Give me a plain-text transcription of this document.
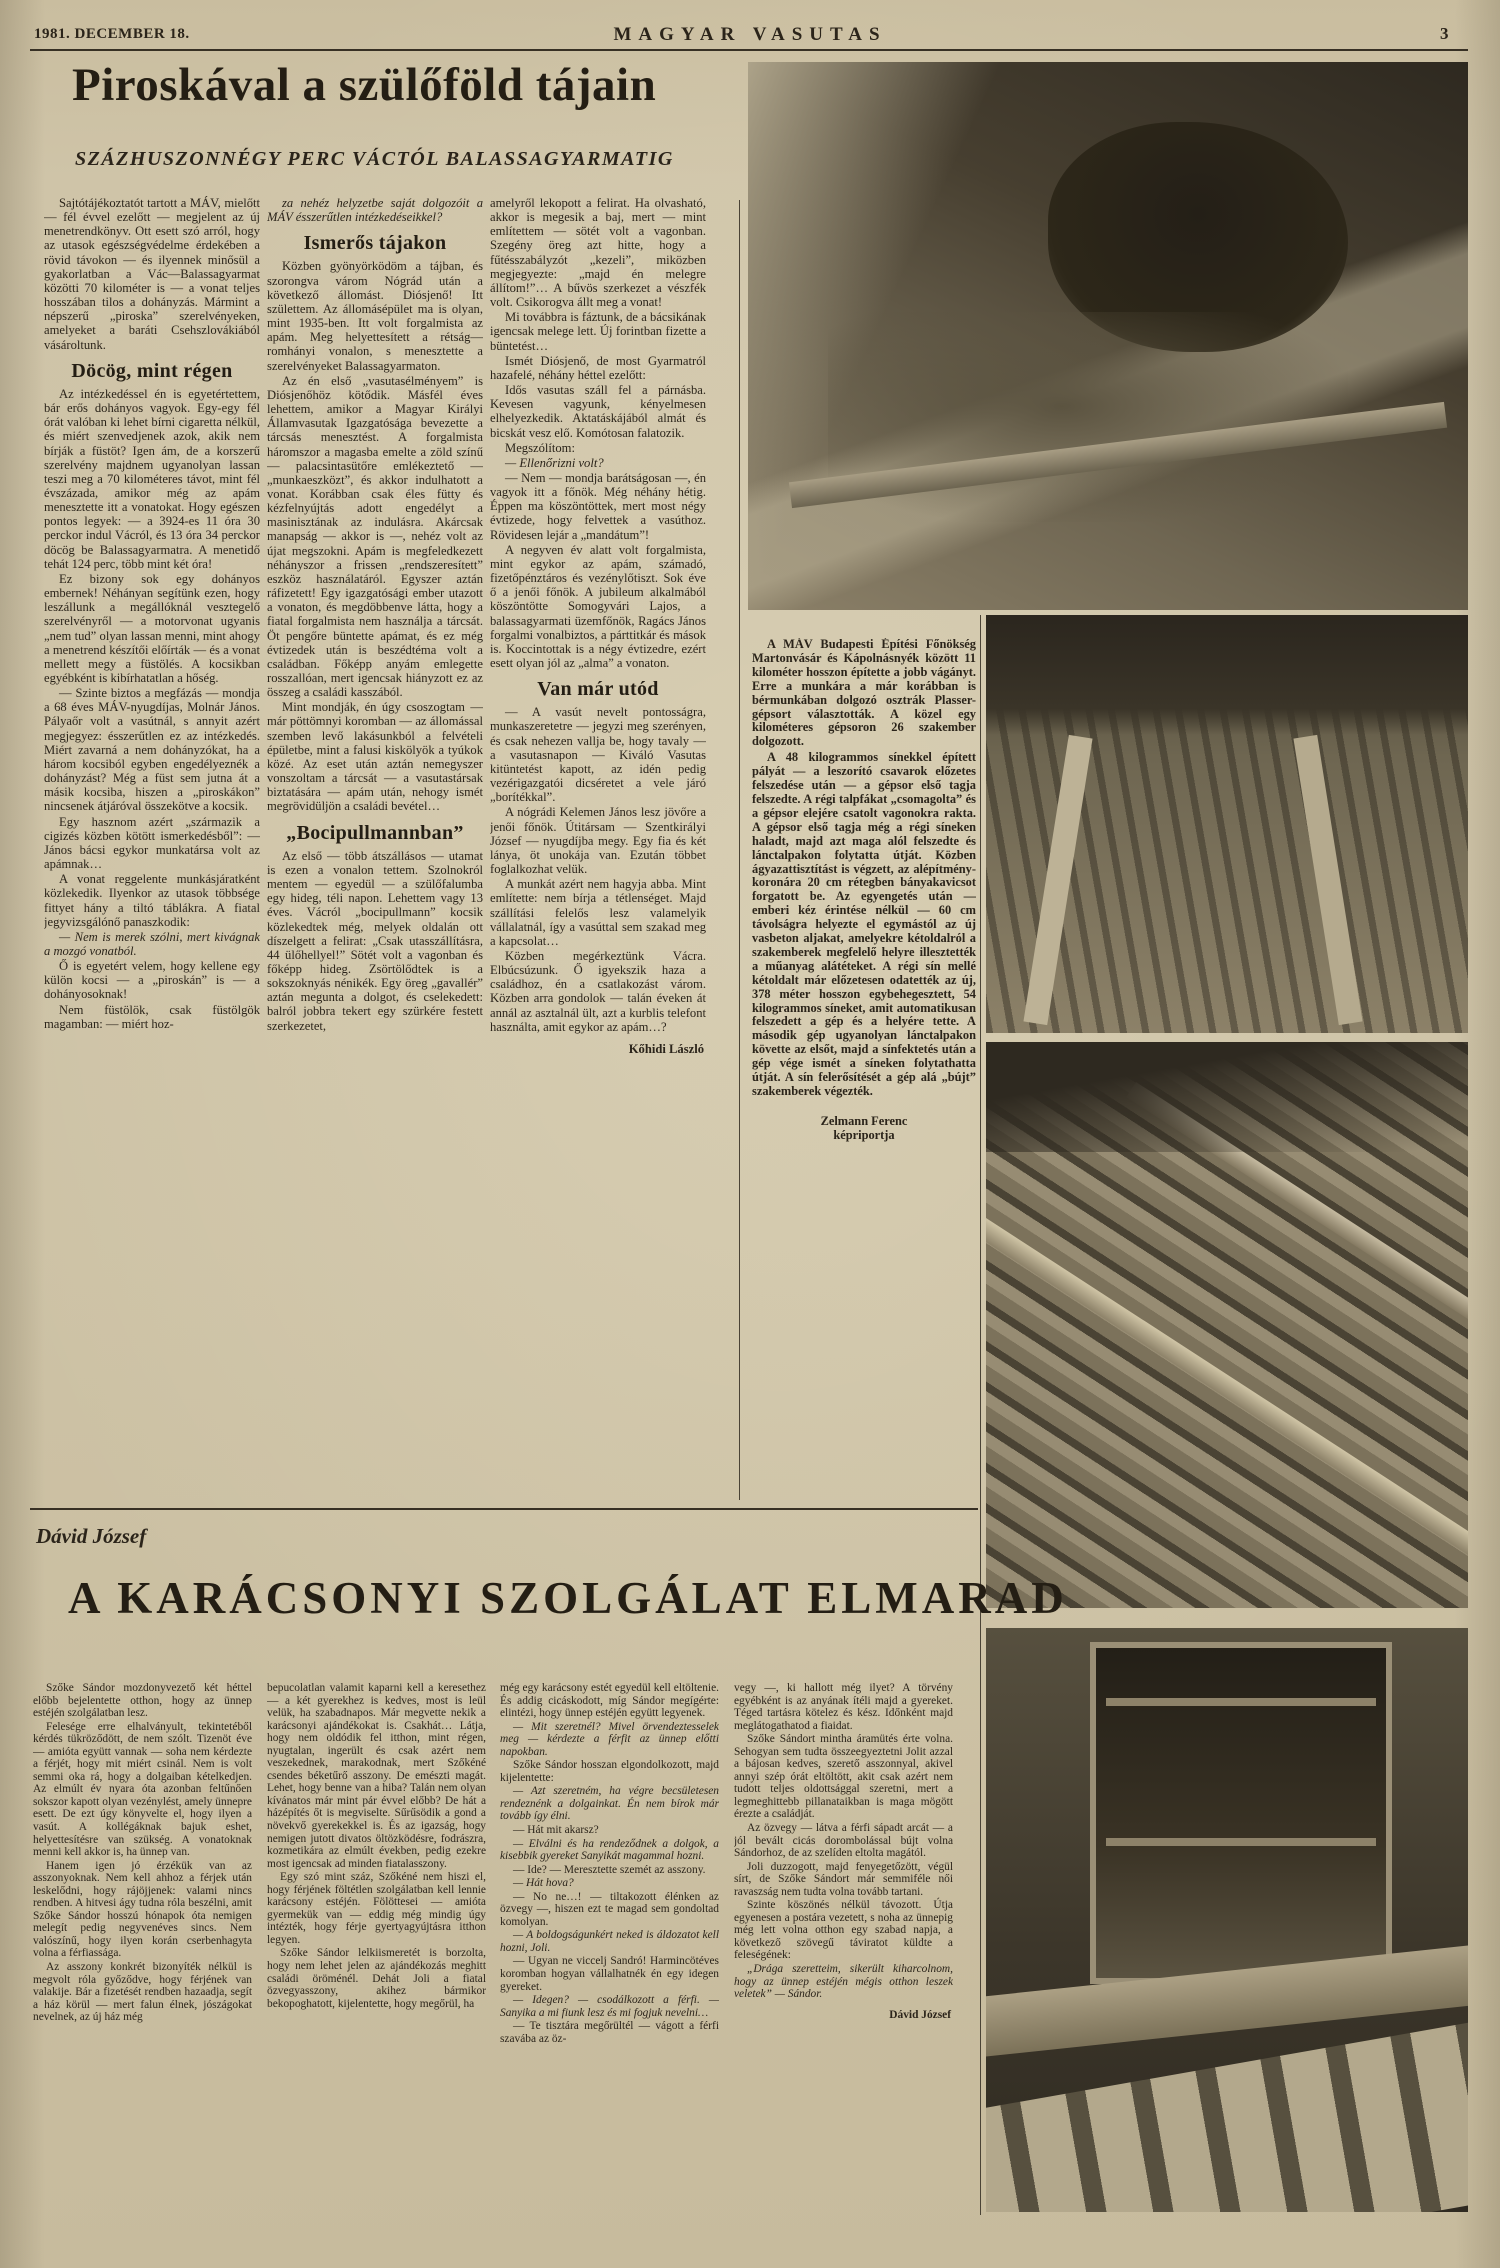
1981. DECEMBER 18.	MAGYAR VASUTAS	3
Piroskával a szülőföld tájain
SZÁZHUSZONNÉGY PERC VÁCTÓL BALASSAGYARMATIG

Sajtótájékoztatót tartott a MÁV, mielőtt — fél évvel ezelőtt — megjelent az új menetrendkönyv. Ott esett szó arról, hogy az utasok egészségvédelme érdekében a rövid távokon — és ilyennek minősül a gyakorlatban a Vác—Balassagyarmat közötti 70 kilométer is — a vonat teljes hosszában tilos a dohányzás. Mármint a népszerű „piroska” szerelvényeken, amelyeket a baráti Csehszlovákiából vásároltunk.

Döcög, mint régen

Az intézkedéssel én is egyetértettem, bár erős dohányos vagyok. Egy-egy fél órát valóban ki lehet bírni cigaretta nélkül, és miért szenvedjenek azok, akik nem bírják a füstöt? Igen ám, de a korszerű szerelvény majdnem ugyanolyan lassan teszi meg a 70 kilométeres távot, mint fél évszázada, amikor még az apám menesztette itt a vonatokat. Hogy egészen pontos legyek: — a 3924-es 11 óra 30 perckor indul Vácról, és 13 óra 34 perckor döcög be Balassagyarmatra. A menetidő tehát 124 perc, több mint két óra!

Ez bizony sok egy dohányos embernek! Néhányan segítünk ezen, hogy leszállunk a megállóknál vesztegelő szerelvényről — a motorvonat ugyanis „nem tud” olyan lassan menni, mint ahogy a menetrend készítői előírták — és a vonat mellett megy a füstölés. A kocsikban egyébként is kibírhatatlan a hőség.

— Szinte biztos a megfázás — mondja a 68 éves MÁV-nyugdíjas, Molnár János. Pályaőr volt a vasútnál, s annyit azért megjegyez: ésszerűtlen ez az intézkedés. Miért zavarná a nem dohányzókat, ha a három kocsiból egyben engedélyeznék a dohányzást? Még a füst sem jutna át a másik kocsiba, hiszen a „piroskákon” nincsenek átjáróval összekötve a kocsik.

Egy hasznom azért „származik a cigizés közben kötött ismerkedésből”: — János bácsi egykor munkatársa volt az apámnak…

A vonat reggelente munkásjáratként közlekedik. Ilyenkor az utasok többsége fittyet hány a tiltó táblákra. A fiatal jegyvizsgálónő panaszkodik:

— Nem is merek szólni, mert kivágnak a mozgó vonatból.

Ő is egyetért velem, hogy kellene egy külön kocsi — a „piroskán” is — a dohányosoknak!

Nem füstölök, csak füstölgök magamban: — miért hoz-

za nehéz helyzetbe saját dolgozóit a MÁV ésszerűtlen intézkedéseikkel?

Ismerős tájakon

Közben gyönyörködöm a tájban, és szorongva várom Nógrád után a következő állomást. Diósjenő! Itt születtem. Az állomásépület ma is olyan, mint 1935-ben. Itt volt forgalmista az apám. Meg helyettesített a rétság—romhányi vonalon, s menesztette a szerelvényeket Balassagyarmaton.

Az én első „vasutasélményem” is Diósjenőhöz kötődik. Másfél éves lehettem, amikor a Magyar Királyi Államvasutak Igazgatósága bevezette a tárcsás menesztést. A forgalmista háromszor a magasba emelte a zöld színű — palacsintasütőre emlékeztető — „munkaeszközt”, és akkor indulhatott a vonat. Korábban csak éles fütty és kézfelnyújtás adott engedélyt a masinisztának az indulásra. Akárcsak manapság — akkor is —, nehéz volt az újat megszokni. Apám is megfeledkezett néhányszor a frissen „rendszeresített” eszköz használatáról. Egyszer aztán ráfizetett! Egy igazgatósági ember utazott a vonaton, és megdöbbenve látta, hogy a fiatal forgalmista nem használja a tárcsát. Öt pengőre büntette apámat, és ez még évtizedek után is beszédtéma volt a családban. Főképp anyám emlegette rosszallóan, mert igencsak hiányzott ez az összeg a családi kasszából.

Mint mondják, én úgy csoszogtam — már pöttömnyi koromban — az állomással szemben levő lakásunkból a felvételi épületbe, mint a falusi kiskölyök a tyúkok közé. Az eset után aztán nemegyszer vonszoltam a tárcsát — a vasutastársak biztatására — apám után, nehogy ismét megrövidüljön a családi bevétel…

„Bocipullmannban”

Az első — több átszállásos — utamat is ezen a vonalon tettem. Szolnokról mentem — egyedül — a szülőfalumba egy hideg, téli napon. Lehettem vagy 13 éves. Vácról „bocipullmann” kocsik közlekedtek még, melyek oldalán ott díszelgett a felirat: „Csak utasszállításra, 44 ülőhellyel!” Sötét volt a vagonban és főképp hideg. Zsörtölődtek is a sokszoknyás nénikék. Egy öreg „gavallér” aztán megunta a dolgot, és cselekedett: balról jobbra tekert egy szürkére festett szerkezetet,

amelyről lekopott a felirat. Ha olvasható, akkor is megesik a baj, mert — mint említettem — sötét volt a vagonban. Szegény öreg azt hitte, hogy a fűtésszabályzót „kezeli”, miközben megjegyezte: „majd én melegre állítom!”… A bűvös szerkezet a vészfék volt. Csikorogva állt meg a vonat!

Mi továbbra is fáztunk, de a bácsikának igencsak melege lett. Új forintban fizette a büntetést…

Ismét Diósjenő, de most Gyarmatról hazafelé, néhány héttel ezelőtt:

Idős vasutas száll fel a párnásba. Kevesen vagyunk, kényelmesen elhelyezkedik. Aktatáskájából almát és bicskát vesz elő. Komótosan falatozik.

Megszólítom:

— Ellenőrizni volt?

— Nem — mondja barátságosan —, én vagyok itt a főnök. Még néhány hétig. Éppen ma köszöntöttek, mert most négy évtizede, hogy felvettek a vasúthoz. Rövidesen lejár a „mandátum”!

A negyven év alatt volt forgalmista, mint egykor az apám, számadó, fizetőpénztáros és vezénylőtiszt. Sok éve ő a jenői főnök. A jubileum alkalmából köszöntötte Somogyvári Lajos, a balassagyarmati üzemfőnök, Ragács János forgalmi vonalbiztos, a párttitkár és mások is. Koccintottak is a négy évtizedre, ezért esett olyan jól az „alma” a vonaton.

Van már utód

— A vasút nevelt pontosságra, munkaszeretetre — jegyzi meg szerényen, és csak nehezen vallja be, hogy tavaly — a vasutasnapon — Kiváló Vasutas kitüntetést kapott, az idén pedig vezérigazgatói dicséretet a vele járó „borítékkal”.

A nógrádi Kelemen János lesz jövőre a jenői főnök. Útitársam — Szentkirályi József — nyugdíjba megy. Egy fia és két lánya, öt unokája van. Ezután többet foglalkozhat velük.

A munkát azért nem hagyja abba. Mint említette: nem bírja a tétlenséget. Majd szállítási felelős lesz valamelyik vállalatnál, így a vasúttal sem szakad meg a kapcsolat…

Közben megérkeztünk Vácra. Elbúcsúzunk. Ő igyekszik haza a családhoz, én a csatlakozást várom. Közben arra gondolok — talán éveken át annál az asztalnál ült, azt a kurblis telefont használta, amit egykor az apám…?

Kőhidi László

A MÁV Budapesti Építési Főnökség Martonvásár és Kápolnásnyék között 11 kilométer hosszon építette a jobb vágányt. Erre a munkára a már korábban is bérmunkában dolgozó osztrák Plasser-gépsort választották. A közel egy kilométeres gépsoron 26 szakember dolgozott.

A 48 kilogrammos sínekkel épített pályát — a leszorító csavarok előzetes felszedése után — a gépsor első tagja felszedte. A régi talpfákat „csomagolta” és a gépsor elejére csatolt vagonokra rakta. A gépsor első tagja még a régi síneken haladt, majd azt maga alól felszedte és lánctalpakon folytatta útját. Közben ágyazattisztítást is végzett, az alépítmény-koronára 20 cm rétegben bányakavicsot forgatott be. Az egyengetés után — emberi kéz érintése nélkül — 60 cm távolságra helyezte el egymástól az új vasbeton aljakat, amelyekre kétoldalról a szakemberek megfelelő helyre illesztették a műanyag alátéteket. A régi sín mellé kétoldalt már előzetesen odatették az új, 378 méter hosszon egybehegesztett, 54 kilogrammos síneket, amit automatikusan felszedett a gép és a helyére tette. A második gép ugyanolyan lánctalpakon követte az elsőt, majd a sínfektetés után a gép vége ismét a síneken folytathatta útját. A sín felerősítését a gép alá „bújt” szakemberek végezték.

Zelmann Ferenc

képriportja

Dávid József
A KARÁCSONYI SZOLGÁLAT ELMARAD

Szőke Sándor mozdonyvezető két héttel előbb bejelentette otthon, hogy az ünnep estéjén szolgálatban lesz.

Felesége erre elhalványult, tekintetéből kérdés tükröződött, de nem szólt. Tizenöt éve — amióta együtt vannak — soha nem kérdezte a férjét, hogy mit miért csinál. Nem is volt semmi oka rá, hogy a dolgaiban kételkedjen. Az elmúlt év nyara óta azonban feltűnően sokszor kapott olyan vezénylést, amely ünnepre esett. De ezt úgy könyvelte el, hogy ilyen a vasút. A kollégáknak bajuk eshet, helyettesítésre van szükség. A vonatoknak menni kell akkor is, ha ünnep van.

Hanem igen jó érzékük van az asszonyoknak. Nem kell ahhoz a férjek után leskelődni, hogy rájöjjenek: valami nincs rendben. A hitvesi ágy tudna róla beszélni, amit Szőke Sándor hosszú hónapok óta nemigen melegít pedig negyvenéves sincs. Nem valószínű, hogy ilyen korán cserbenhagyta volna a férfiassága.

Az asszony konkrét bizonyíték nélkül is megvolt róla győződve, hogy férjének van valakije. Bár a fizetését rendben hazaadja, segít a ház körül — mert falun élnek, jószágokat nevelnek, az új ház még

bepucolatlan valamit kaparni kell a keresethez — a két gyerekhez is kedves, most is leül velük, ha szabadnapos. Már megvette nekik a karácsonyi ajándékokat is. Csakhát… Látja, hogy nem oldódik fel itthon, mint régen, nyugtalan, ingerült és csak azért nem veszekednek, marakodnak, mert Szőkéné csendes béketűrő asszony. De emészti magát. Lehet, hogy benne van a hiba? Talán nem olyan kívánatos már mint pár évvel előbb? De hát a házépítés őt is megviselte. Sűrűsödik a gond a növekvő gyerekekkel is. És az igazság, hogy nemigen jutott divatos öltözködésre, fodrászra, kozmetikára az elmúlt években, pedig ezekre most igencsak ad minden fiatalasszony.

Egy szó mint száz, Szőkéné nem hiszi el, hogy férjének föltétlen szolgálatban kell lennie karácsony estéjén. Fölöttesei — amióta gyermekük van — eddig még mindig úgy intézték, hogy férje gyertyagyújtásra itthon legyen.

Szőke Sándor lelkiismeretét is borzolta, hogy nem lehet jelen az ajándékozás meghitt családi öröménél. Dehát Joli a fiatal özvegyasszony, akihez bármikor bekopoghatott, kijelentette, hogy megőrül, ha

még egy karácsony estét egyedül kell eltöltenie. És addig cicáskodott, míg Sándor megígérte: elintézi, hogy ünnep estéjén együtt legyenek.

— Mit szeretnél? Mivel örvendeztesselek meg — kérdezte a férfit az ünnep előtti napokban.

Szőke Sándor hosszan elgondolkozott, majd kijelentette:

— Azt szeretném, ha végre becsületesen rendeznénk a dolgainkat. Én nem bírok már tovább így élni.

— Hát mit akarsz?

— Elválni és ha rendeződnek a dolgok, a kisebbik gyereket Sanyikát magammal hozni.

— Ide? — Meresztette szemét az asszony.

— Hát hova?

— No ne…! — tiltakozott élénken az özvegy —, hiszen ezt te magad sem gondoltad komolyan.

— A boldogságunkért neked is áldozatot kell hozni, Joli.

— Ugyan ne viccelj Sandró! Harmincötéves koromban hogyan vállalhatnék én egy idegen gyereket.

— Idegen? — csodálkozott a férfi. — Sanyika a mi fiunk lesz és mi fogjuk nevelni…

— Te tisztára megőrültél — vágott a férfi szavába az öz-

vegy —, ki hallott még ilyet? A törvény egyébként is az anyának ítéli majd a gyereket. Téged tartásra kötelez és kész. Időnként majd meglátogathatod a fiaidat.

Szőke Sándort mintha áramütés érte volna. Sehogyan sem tudta összeegyeztetni Jolit azzal a bájosan kedves, szerető asszonnyal, akivel annyi szép órát eltöltött, akit csak azért nem tudott teljes oldottsággal szeretni, mert a legmeghittebb pillanataikban is maga mögött érezte a családját.

Az özvegy — látva a férfi sápadt arcát — a jól bevált cicás dorombolással bújt volna Sándorhoz, de az szelíden eltolta magától.

Joli duzzogott, majd fenyegetőzött, végül sírt, de Szőke Sándort már semmiféle női ravaszság nem tudta volna tovább tartani.

Szinte köszönés nélkül távozott. Útja egyenesen a postára vezetett, s noha az ünnepig még lett volna otthon egy szabad napja, a következő szövegű táviratot küldte a feleségének:

„Drága szeretteim, sikerült kiharcolnom, hogy az ünnep estéjén mégis otthon leszek veletek” — Sándor.

Dávid József
